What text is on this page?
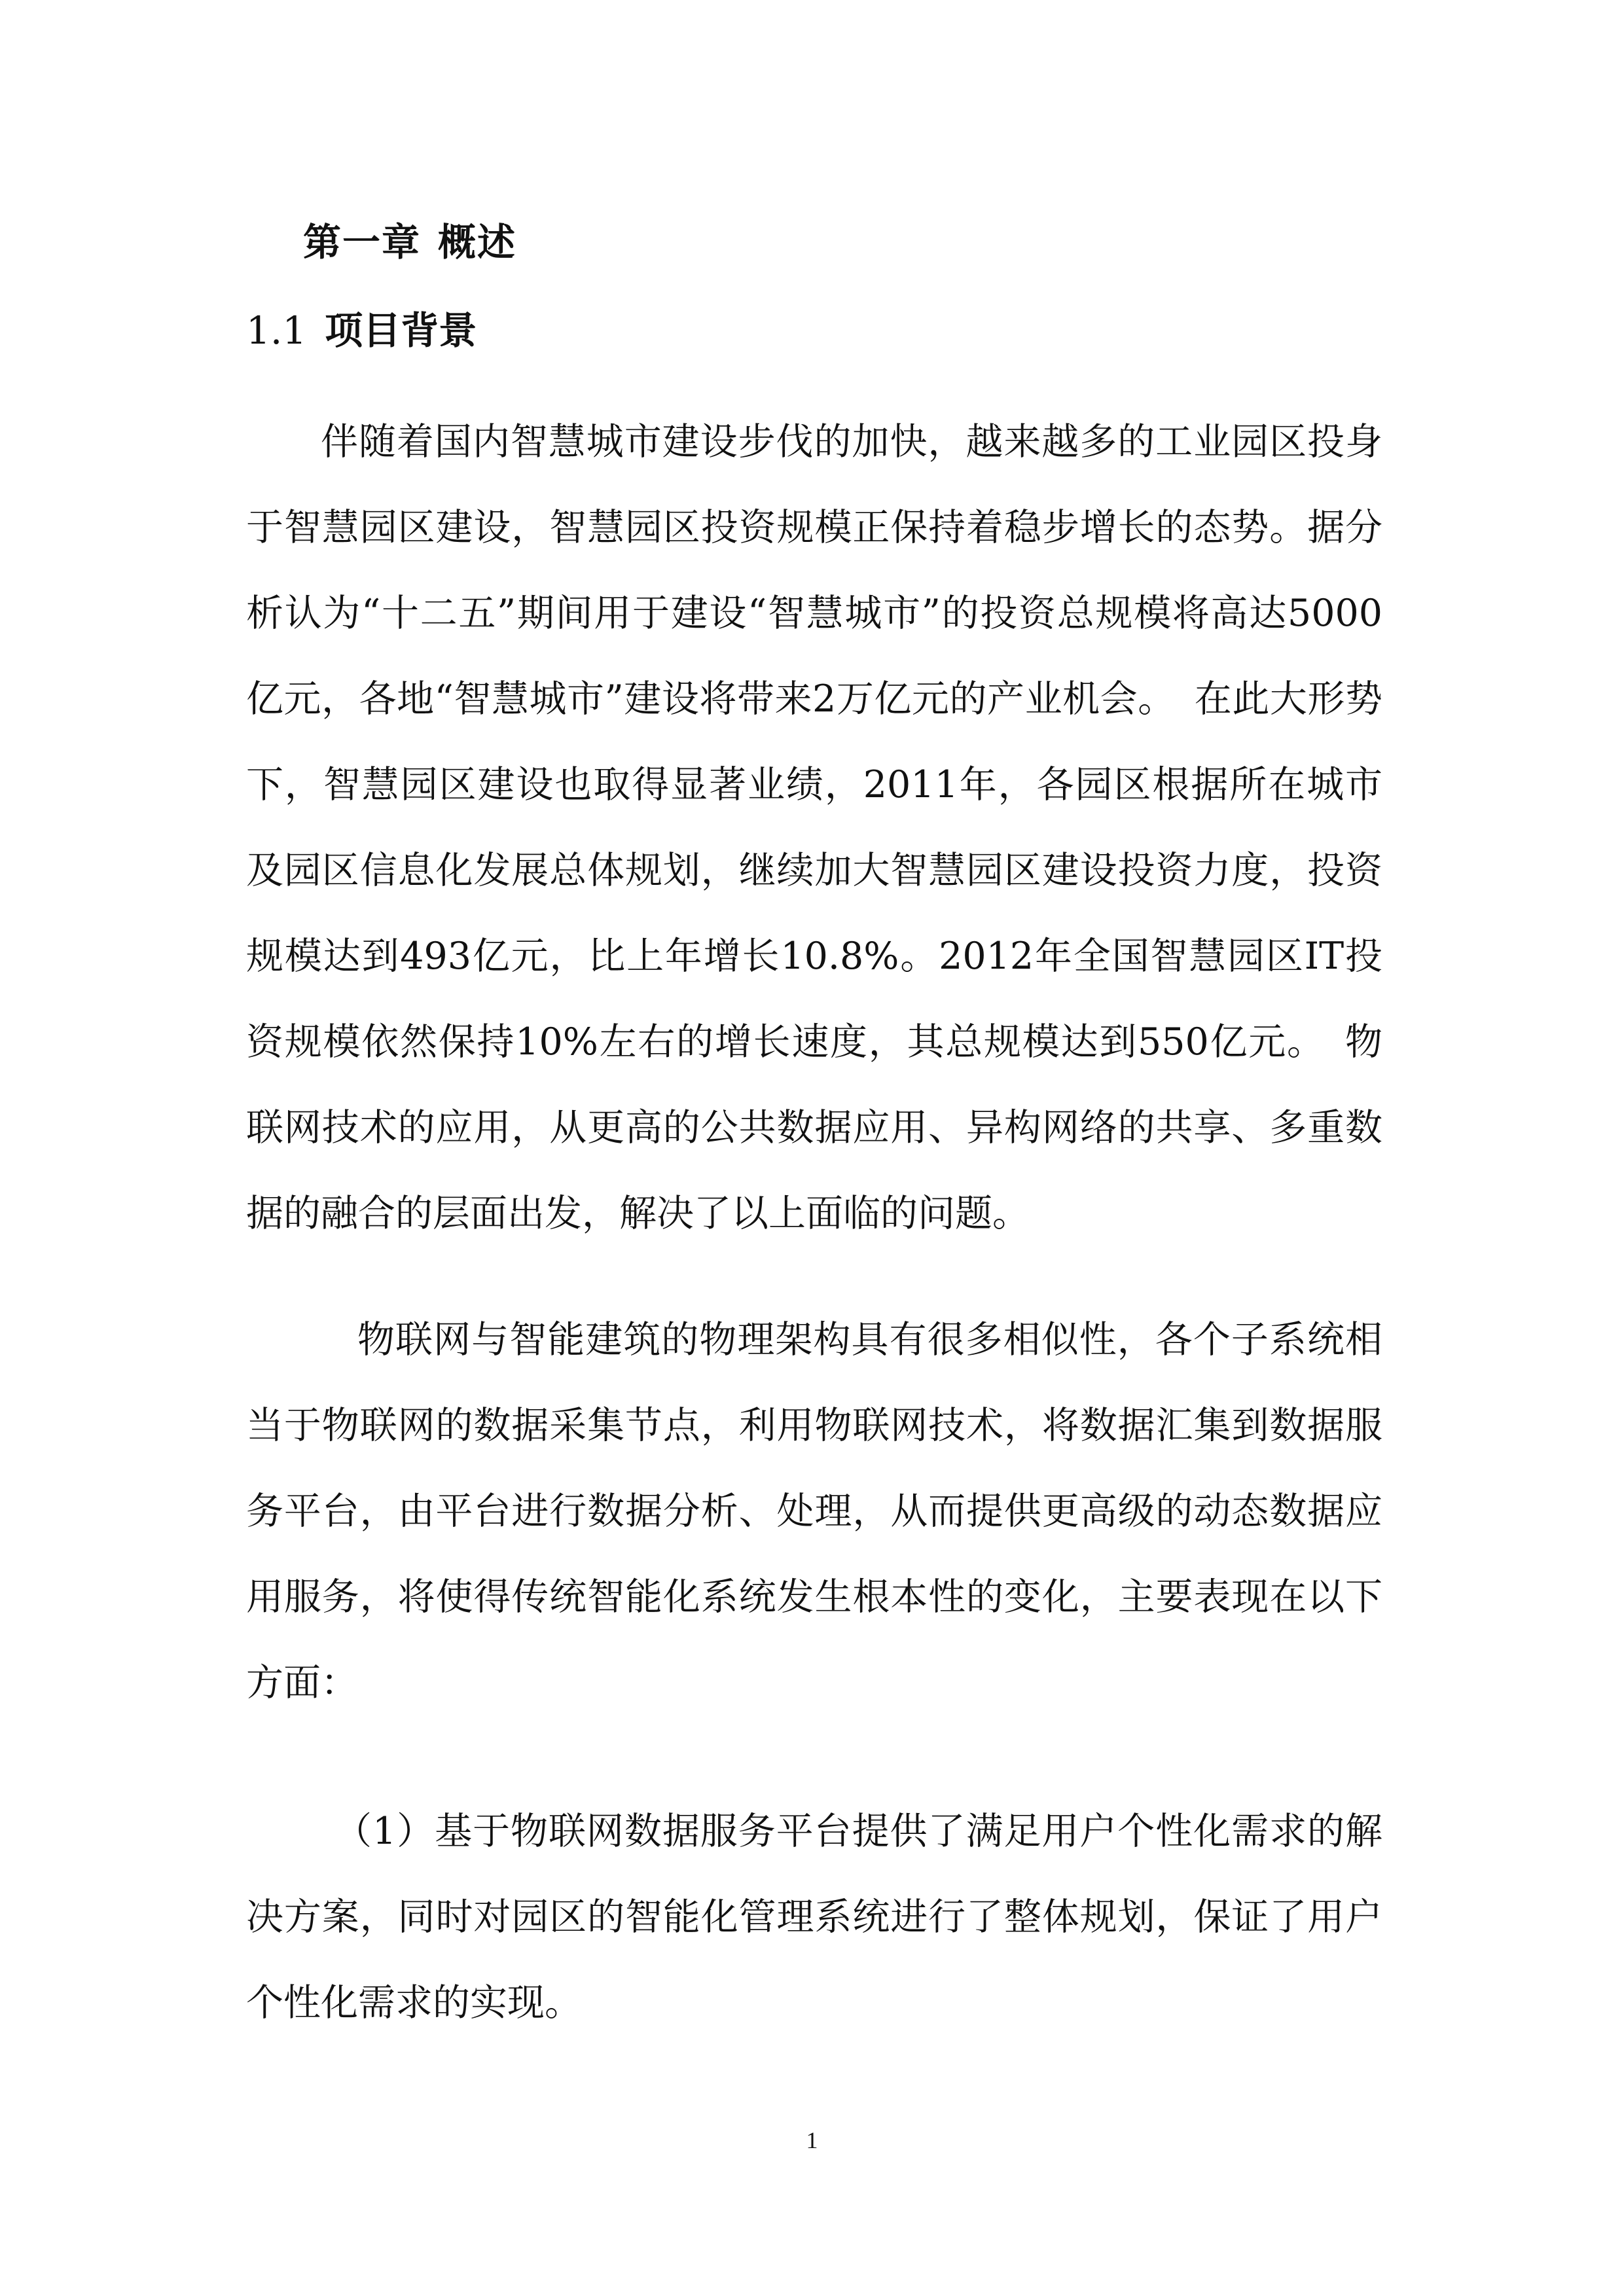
第一章 概述
1.1 项目背景

伴随着国内智慧城市建设步伐的加快，越来越多的工业园区投身于智慧园区建设，智慧园区投资规模正保持着稳步增长的态势。据分析认为“十二五”期间用于建设“智慧城市”的投资总规模将高达5000亿元，各地“智慧城市”建设将带来2万亿元的产业机会。　在此大形势下，智慧园区建设也取得显著业绩，2011年，各园区根据所在城市及园区信息化发展总体规划，继续加大智慧园区建设投资力度，投资规模达到493亿元，比上年增长10.8%。2012年全国智慧园区IT投资规模依然保持10%左右的增长速度，其总规模达到550亿元。　物联网技术的应用，从更高的公共数据应用、异构网络的共享、多重数据的融合的层面出发，解决了以上面临的问题。

物联网与智能建筑的物理架构具有很多相似性，各个子系统相当于物联网的数据采集节点，利用物联网技术，将数据汇集到数据服务平台，由平台进行数据分析、处理，从而提供更高级的动态数据应用服务，将使得传统智能化系统发生根本性的变化，主要表现在以下方面：

（1）基于物联网数据服务平台提供了满足用户个性化需求的解决方案，同时对园区的智能化管理系统进行了整体规划，保证了用户个性化需求的实现。

1
